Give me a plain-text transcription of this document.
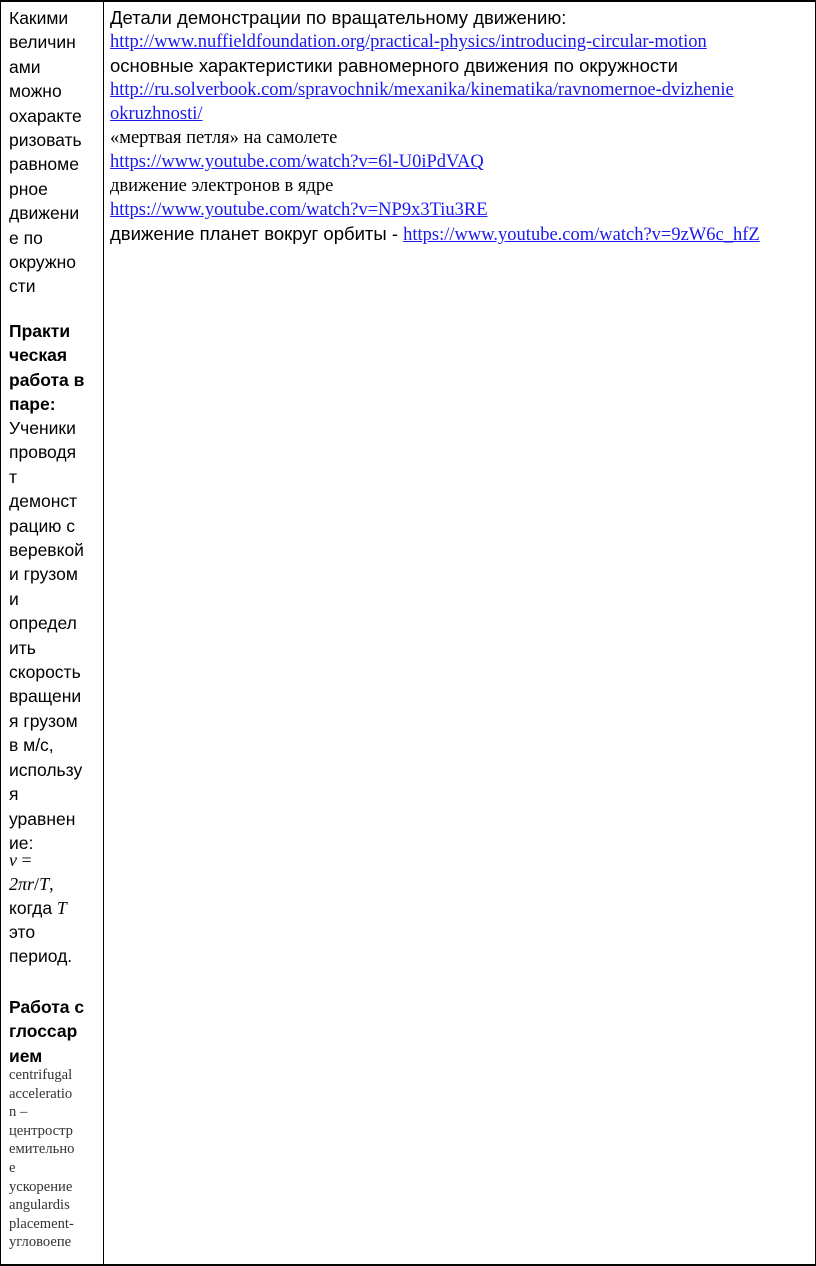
Какими
величин
ами
можно
охаракте
ризовать
равноме
рное
движени
е по
окружно
сти
Практи
ческая
работа в
паре:
Ученики
проводя
т
демонст
рацию с
веревкой
и грузом
и
определ
ить
скорость
вращени
я грузом
в м/с,
использу
я
уравнен
ие:
v =
2πr/T,
когда T
это
период.
Работа с
глоссар
ием
centrifugal
acceleratio
n –
центростр
емительно
е
ускорение
angulardis
placement-
угловоепе
Детали демонстрации по вращательному движению:
http://www.nuffieldfoundation.org/practical-physics/introducing-circular-motion
основные характеристики равномерного движения по окружности
http://ru.solverbook.com/spravochnik/mexanika/kinematika/ravnomernoe-dvizhenie
okruzhnosti/
«мертвая петля» на самолете
https://www.youtube.com/watch?v=6l-U0iPdVAQ
движение электронов в ядре
https://www.youtube.com/watch?v=NP9x3Tiu3RE
движение планет вокруг орбиты - https://www.youtube.com/watch?v=9zW6c_hfZ
